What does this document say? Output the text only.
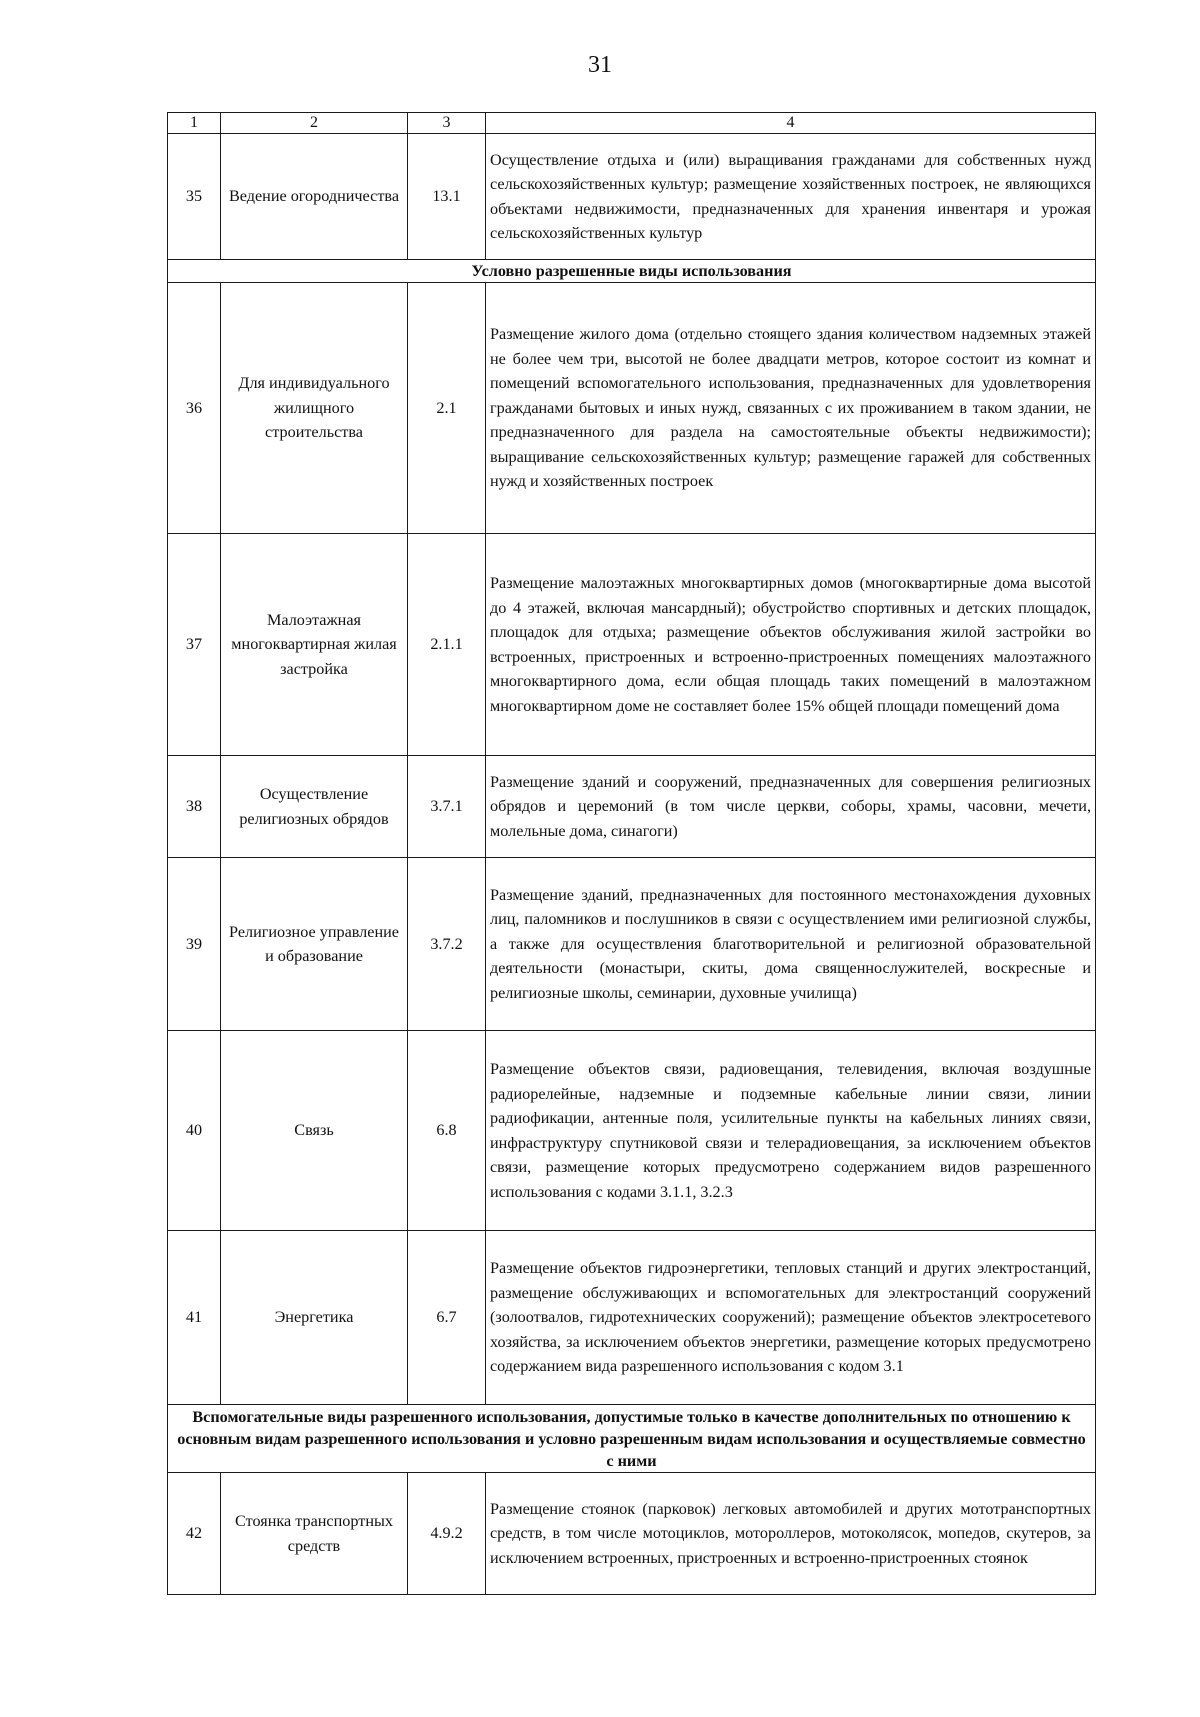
31
1	2	3	4
35	Ведение огородничества	13.1	Осуществление отдыха и (или) выращивания гражданами для собственных нужд сельскохозяйственных культур; размещение хозяйственных построек, не являющихся объектами недвижимости, предназначенных для хранения инвентаря и урожая сельскохозяйственных культур
Условно разрешенные виды использования			
36	Для индивидуального жилищного строительства	2.1	Размещение жилого дома (отдельно стоящего здания количеством надземных этажей не более чем три, высотой не более двадцати метров, которое состоит из комнат и помещений вспомогательного использования, предназначенных для удовлетворения гражданами бытовых и иных нужд, связанных с их проживанием в таком здании, не предназначенного для раздела на самостоятельные объекты недвижимости); выращивание сельскохозяйственных культур; размещение гаражей для собственных нужд и хозяйственных построек
37	Малоэтажная многоквартирная жилая застройка	2.1.1	Размещение малоэтажных многоквартирных домов (многоквартирные дома высотой до 4 этажей, включая мансардный); обустройство спортивных и детских площадок, площадок для отдыха; размещение объектов обслуживания жилой застройки во встроенных, пристроенных и встроенно-пристроенных помещениях малоэтажного многоквартирного дома, если общая площадь таких помещений в малоэтажном многоквартирном доме не составляет более 15% общей площади помещений дома
38	Осуществление религиозных обрядов	3.7.1	Размещение зданий и сооружений, предназначенных для совершения религиозных обрядов и церемоний (в том числе церкви, соборы, храмы, часовни, мечети, молельные дома, синагоги)
39	Религиозное управление и образование	3.7.2	Размещение зданий, предназначенных для постоянного местонахождения духовных лиц, паломников и послушников в связи с осуществлением ими религиозной службы, а также для осуществления благотворительной и религиозной образовательной деятельности (монастыри, скиты, дома священнослужителей, воскресные и религиозные школы, семинарии, духовные училища)
40	Связь	6.8	Размещение объектов связи, радиовещания, телевидения, включая воздушные радиорелейные, надземные и подземные кабельные линии связи, линии радиофикации, антенные поля, усилительные пункты на кабельных линиях связи, инфраструктуру спутниковой связи и телерадиовещания, за исключением объектов связи, размещение которых предусмотрено содержанием видов разрешенного использования с кодами 3.1.1, 3.2.3
41	Энергетика	6.7	Размещение объектов гидроэнергетики, тепловых станций и других электростанций, размещение обслуживающих и вспомогательных для электростанций сооружений (золоотвалов, гидротехнических сооружений); размещение объектов электросетевого хозяйства, за исключением объектов энергетики, размещение которых предусмотрено содержанием вида разрешенного использования с кодом 3.1
Вспомогательные виды разрешенного использования, допустимые только в качестве дополнительных по отношению к основным видам разрешенного использования и условно разрешенным видам использования и осуществляемые совместно с ними			
42	Стоянка транспортных средств	4.9.2	Размещение стоянок (парковок) легковых автомобилей и других мототранспортных средств, в том числе мотоциклов, мотороллеров, мотоколясок, мопедов, скутеров, за исключением встроенных, пристроенных и встроенно-пристроенных стоянок
